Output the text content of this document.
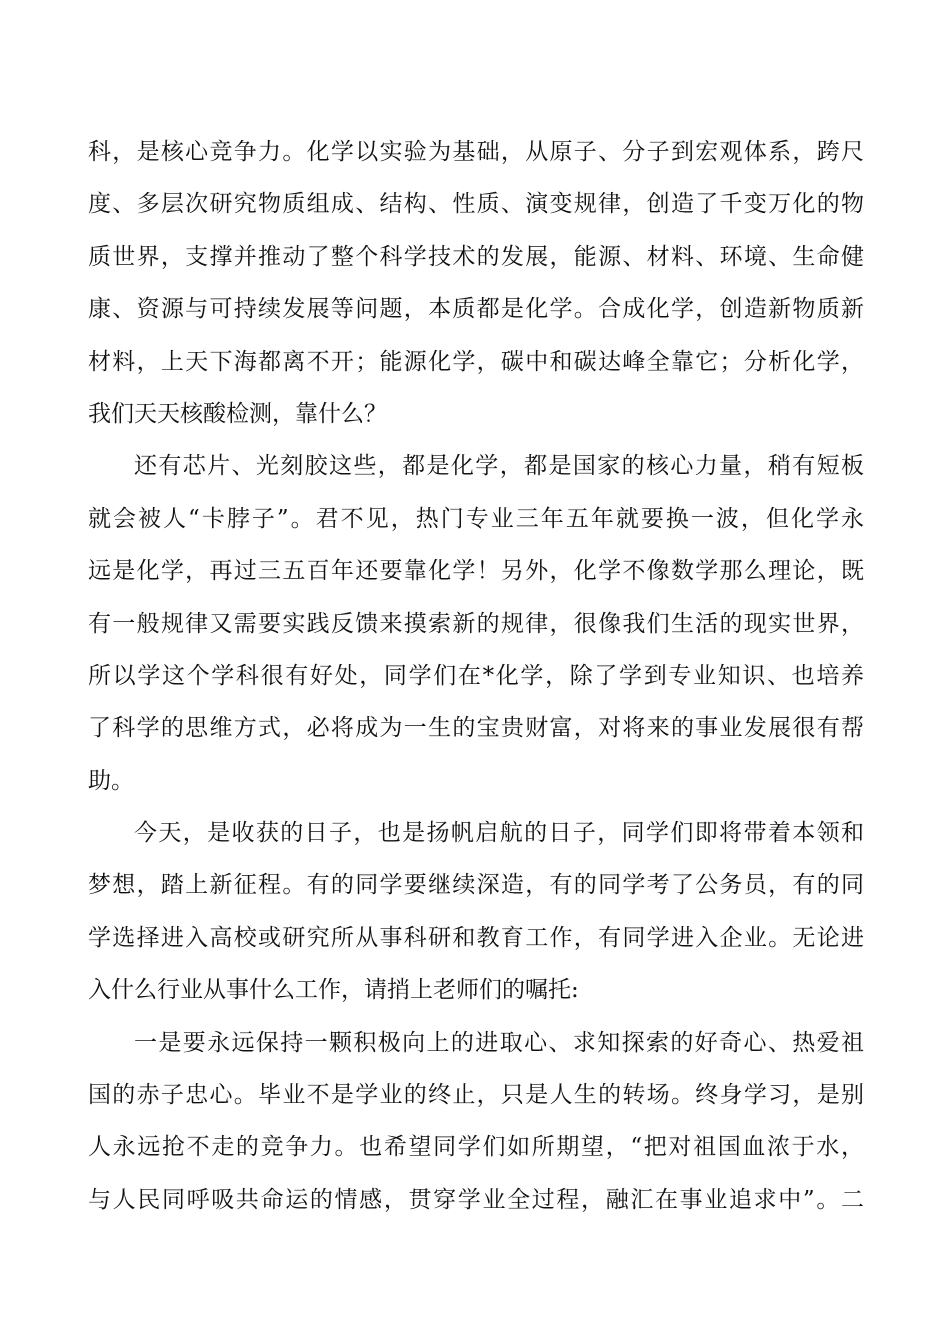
科，是核心竞争力。化学以实验为基础，从原子、分子到宏观体系，跨尺
度、多层次研究物质组成、结构、性质、演变规律，创造了千变万化的物
质世界，支撑并推动了整个科学技术的发展，能源、材料、环境、生命健
康、资源与可持续发展等问题，本质都是化学。合成化学，创造新物质新
材料，上天下海都离不开；能源化学，碳中和碳达峰全靠它；分析化学，
我们天天核酸检测，靠什么？
还有芯片、光刻胶这些，都是化学，都是国家的核心力量，稍有短板
就会被人“卡脖子”。君不见，热门专业三年五年就要换一波，但化学永
远是化学，再过三五百年还要靠化学！另外，化学不像数学那么理论，既
有一般规律又需要实践反馈来摸索新的规律，很像我们生活的现实世界，
所以学这个学科很有好处，同学们在*化学，除了学到专业知识、也培养
了科学的思维方式，必将成为一生的宝贵财富，对将来的事业发展很有帮
助。
今天，是收获的日子，也是扬帆启航的日子，同学们即将带着本领和
梦想，踏上新征程。有的同学要继续深造，有的同学考了公务员，有的同
学选择进入高校或研究所从事科研和教育工作，有同学进入企业。无论进
入什么行业从事什么工作，请捎上老师们的嘱托:
一是要永远保持一颗积极向上的进取心、求知探索的好奇心、热爱祖
国的赤子忠心。毕业不是学业的终止，只是人生的转场。终身学习，是别
人永远抢不走的竞争力。也希望同学们如所期望，“把对祖国血浓于水，
与人民同呼吸共命运的情感，贯穿学业全过程，融汇在事业追求中”。二
